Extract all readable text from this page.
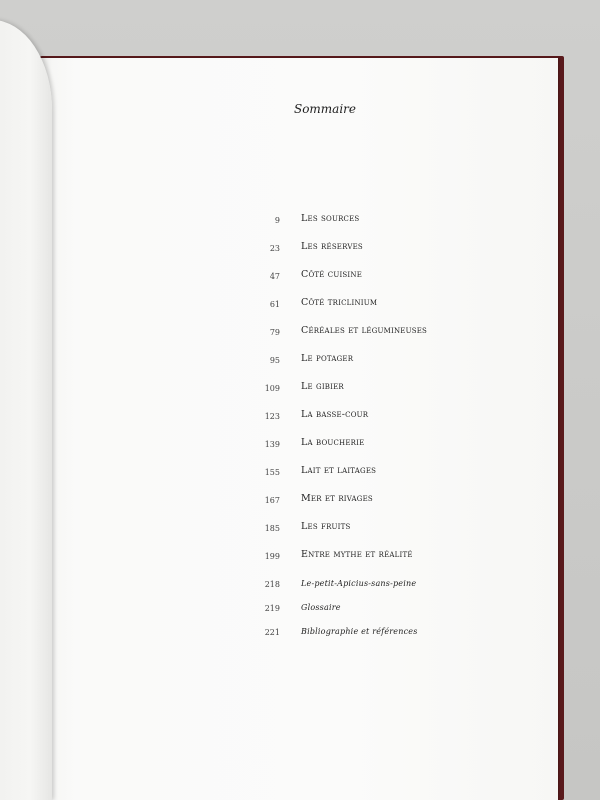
Sommaire
9 Les sources
23 Les réserves
47 Côté cuisine
61 Côté triclinium
79 Céréales et légumineuses
95 Le potager
109 Le gibier
123 La basse-cour
139 La boucherie
155 Lait et laitages
167 Mer et rivages
185 Les fruits
199 Entre mythe et réalité
218	Le-petit-Apicius-sans-peine
219	Glossaire
221	Bibliographie et références
